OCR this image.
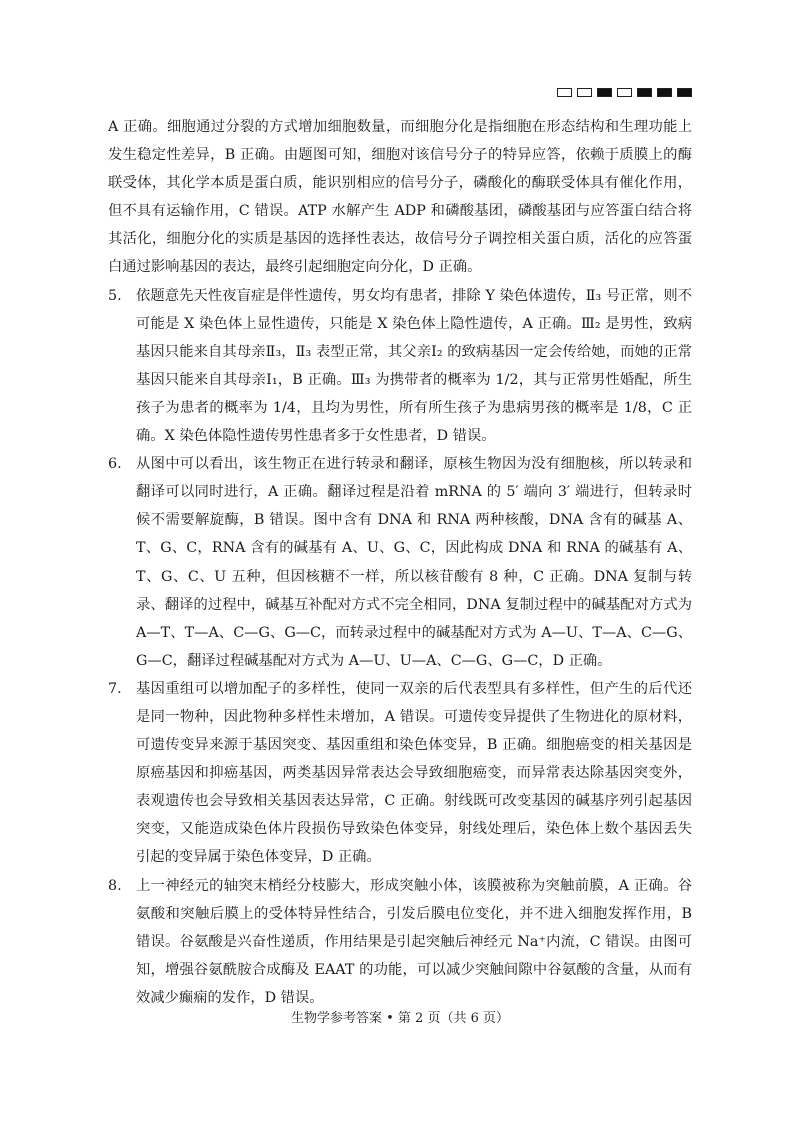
A 正确。细胞通过分裂的方式增加细胞数量，而细胞分化是指细胞在形态结构和生理功能上发生稳定性差异，B 正确。由题图可知，细胞对该信号分子的特异应答，依赖于质膜上的酶联受体，其化学本质是蛋白质，能识别相应的信号分子，磷酸化的酶联受体具有催化作用，但不具有运输作用，C 错误。ATP 水解产生 ADP 和磷酸基团，磷酸基团与应答蛋白结合将其活化，细胞分化的实质是基因的选择性表达，故信号分子调控相关蛋白质，活化的应答蛋白通过影响基因的表达，最终引起细胞定向分化，D 正确。

5.	依题意先天性夜盲症是伴性遗传，男女均有患者，排除 Y 染色体遗传，Ⅱ₃ 号正常，则不可能是 X 染色体上显性遗传，只能是 X 染色体上隐性遗传，A 正确。Ⅲ₂ 是男性，致病基因只能来自其母亲Ⅱ₃，Ⅱ₃ 表型正常，其父亲Ⅰ₂ 的致病基因一定会传给她，而她的正常基因只能来自其母亲Ⅰ₁，B 正确。Ⅲ₃ 为携带者的概率为 1/2，其与正常男性婚配，所生孩子为患者的概率为 1/4，且均为男性，所有所生孩子为患病男孩的概率是 1/8，C 正确。X 染色体隐性遗传男性患者多于女性患者，D 错误。

6.	从图中可以看出，该生物正在进行转录和翻译，原核生物因为没有细胞核，所以转录和翻译可以同时进行，A 正确。翻译过程是沿着 mRNA 的 5′ 端向 3′ 端进行，但转录时候不需要解旋酶，B 错误。图中含有 DNA 和 RNA 两种核酸，DNA 含有的碱基 A、T、G、C，RNA 含有的碱基有 A、U、G、C，因此构成 DNA 和 RNA 的碱基有 A、T、G、C、U 五种，但因核糖不一样，所以核苷酸有 8 种，C 正确。DNA 复制与转录、翻译的过程中，碱基互补配对方式不完全相同，DNA 复制过程中的碱基配对方式为 A—T、T—A、C—G、G—C，而转录过程中的碱基配对方式为 A—U、T—A、C—G、G—C，翻译过程碱基配对方式为 A—U、U—A、C—G、G—C，D 正确。

7.	基因重组可以增加配子的多样性，使同一双亲的后代表型具有多样性，但产生的后代还是同一物种，因此物种多样性未增加，A 错误。可遗传变异提供了生物进化的原材料，可遗传变异来源于基因突变、基因重组和染色体变异，B 正确。细胞癌变的相关基因是原癌基因和抑癌基因，两类基因异常表达会导致细胞癌变，而异常表达除基因突变外，表观遗传也会导致相关基因表达异常，C 正确。射线既可改变基因的碱基序列引起基因突变，又能造成染色体片段损伤导致染色体变异，射线处理后，染色体上数个基因丢失引起的变异属于染色体变异，D 正确。

8.	上一神经元的轴突末梢经分枝膨大，形成突触小体，该膜被称为突触前膜，A 正确。谷氨酸和突触后膜上的受体特异性结合，引发后膜电位变化，并不进入细胞发挥作用，B 错误。谷氨酸是兴奋性递质，作用结果是引起突触后神经元 Na⁺内流，C 错误。由图可知，增强谷氨酰胺合成酶及 EAAT 的功能，可以减少突触间隙中谷氨酸的含量，从而有效减少癫痫的发作，D 错误。

生物学参考答案 • 第 2 页（共 6 页）
